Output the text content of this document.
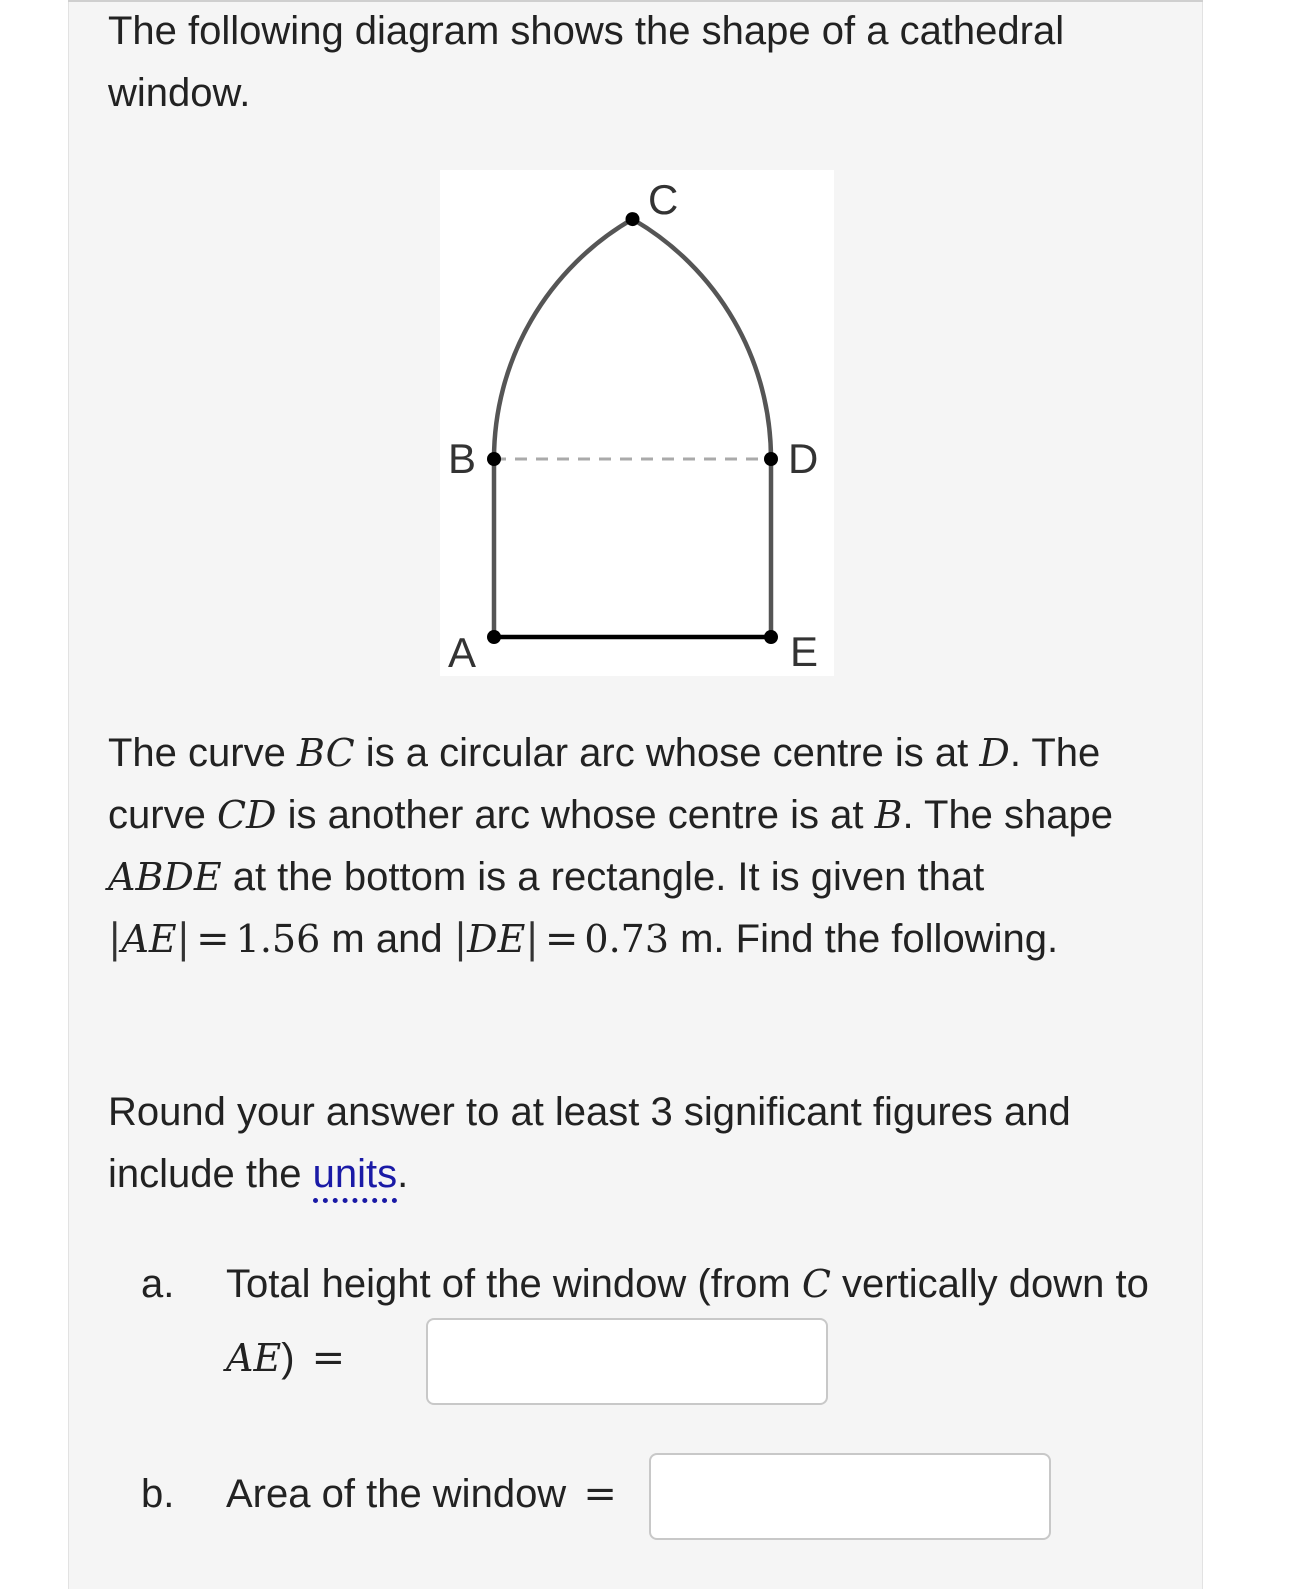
The following diagram shows the shape of a cathedral window.

A
B
C
D
E

The curve BC is a circular arc whose centre is at D. The curve CD is another arc whose centre is at B. The shape ABDE at the bottom is a rectangle. It is given that |AE| = 1.56 m and |DE| = 0.73 m. Find the following.

Round your answer to at least 3 significant figures and include the units.

a. Total height of the window (from C vertically down to
AE) =
b. Area of the window =
